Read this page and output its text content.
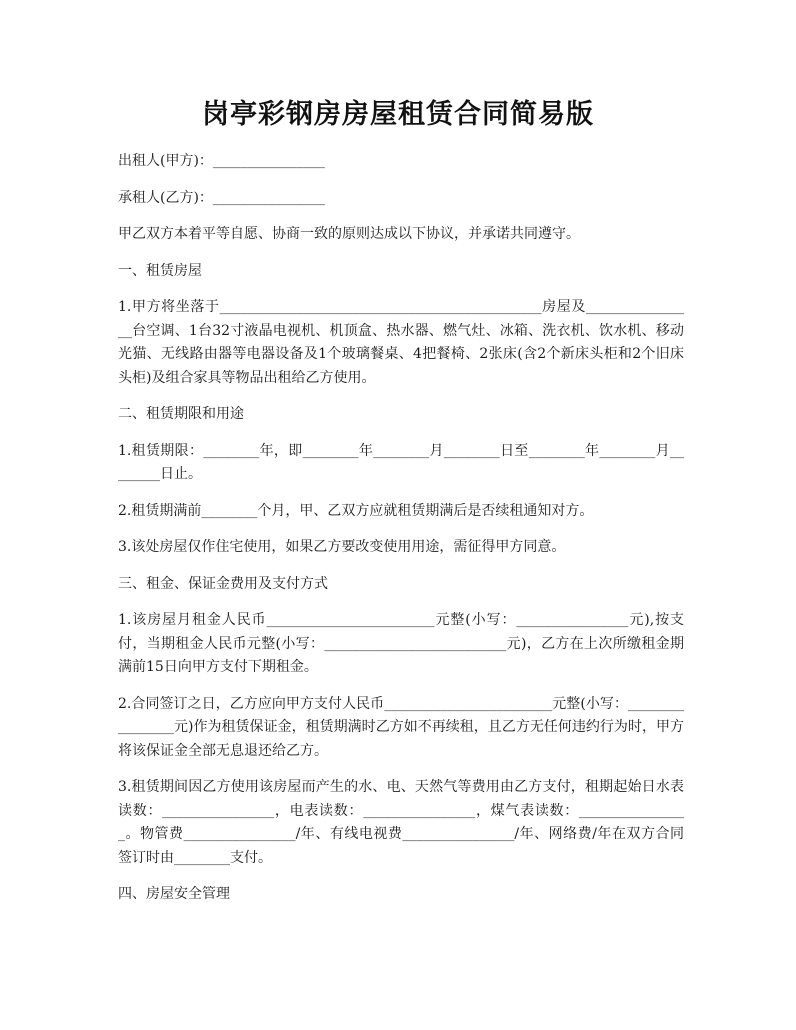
岗亭彩钢房房屋租赁合同简易版

出租人(甲方)：________________

承租人(乙方)：________________

甲乙双方本着平等自愿、协商一致的原则达成以下协议，并承诺共同遵守。

一、租赁房屋

1.甲方将坐落于______________________________________________房屋及________________台空调、1台32寸液晶电视机、机顶盒、热水器、燃气灶、冰箱、洗衣机、饮水机、移动光猫、无线路由器等电器设备及1个玻璃餐桌、4把餐椅、2张床(含2个新床头柜和2个旧床头柜)及组合家具等物品出租给乙方使用。

二、租赁期限和用途

1.租赁期限：________年，即________年________月________日至________年________月________日止。

2.租赁期满前________个月，甲、乙双方应就租赁期满后是否续租通知对方。

3.该处房屋仅作住宅使用，如果乙方要改变使用用途，需征得甲方同意。

三、租金、保证金费用及支付方式

1.该房屋月租金人民币________________________元整(小写：________________元),按支付，当期租金人民币元整(小写：__________________________元)，乙方在上次所缴租金期满前15日向甲方支付下期租金。

2.合同签订之日，乙方应向甲方支付人民币________________________元整(小写：________________元)作为租赁保证金，租赁期满时乙方如不再续租，且乙方无任何违约行为时，甲方将该保证金全部无息退还给乙方。

3.租赁期间因乙方使用该房屋而产生的水、电、天然气等费用由乙方支付，租期起始日水表读数：________________，电表读数：________________，煤气表读数：________________。物管费________________/年、有线电视费________________/年、网络费/年在双方合同签订时由________支付。

四、房屋安全管理
